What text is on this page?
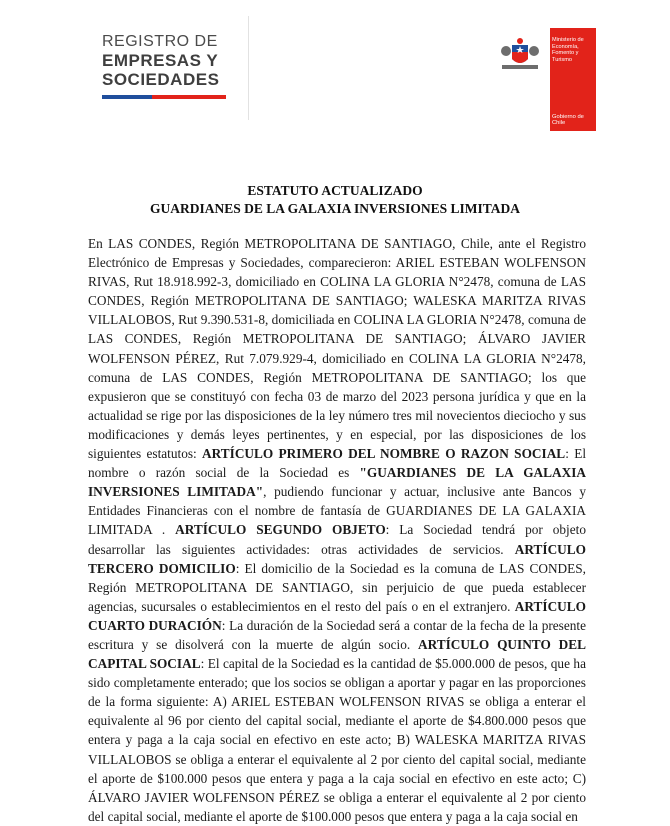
REGISTRO DE
EMPRESAS Y
SOCIEDADES
Ministerio de Economía, Fomento y Turismo
Gobierno de Chile
ESTATUTO ACTUALIZADO
GUARDIANES DE LA GALAXIA INVERSIONES LIMITADA
En LAS CONDES, Región METROPOLITANA DE SANTIAGO, Chile, ante el Registro Electrónico de Empresas y Sociedades, comparecieron: ARIEL ESTEBAN WOLFENSON RIVAS, Rut 18.918.992-3, domiciliado en COLINA LA GLORIA N°2478, comuna de LAS CONDES, Región METROPOLITANA DE SANTIAGO; WALESKA MARITZA RIVAS VILLALOBOS, Rut 9.390.531-8, domiciliada en COLINA LA GLORIA N°2478, comuna de LAS CONDES, Región METROPOLITANA DE SANTIAGO; ÁLVARO JAVIER WOLFENSON PÉREZ, Rut 7.079.929-4, domiciliado en COLINA LA GLORIA N°2478, comuna de LAS CONDES, Región METROPOLITANA DE SANTIAGO; los que expusieron que se constituyó con fecha 03 de marzo del 2023 persona jurídica y que en la actualidad se rige por las disposiciones de la ley número tres mil novecientos dieciocho y sus modificaciones y demás leyes pertinentes, y en especial, por las disposiciones de los siguientes estatutos: ARTÍCULO PRIMERO DEL NOMBRE O RAZON SOCIAL: El nombre o razón social de la Sociedad es "GUARDIANES DE LA GALAXIA INVERSIONES LIMITADA", pudiendo funcionar y actuar, inclusive ante Bancos y Entidades Financieras con el nombre de fantasía de GUARDIANES DE LA GALAXIA LIMITADA . ARTÍCULO SEGUNDO OBJETO: La Sociedad tendrá por objeto desarrollar las siguientes actividades: otras actividades de servicios. ARTÍCULO TERCERO DOMICILIO: El domicilio de la Sociedad es la comuna de LAS CONDES, Región METROPOLITANA DE SANTIAGO, sin perjuicio de que pueda establecer agencias, sucursales o establecimientos en el resto del país o en el extranjero. ARTÍCULO CUARTO DURACIÓN: La duración de la Sociedad será a contar de la fecha de la presente escritura y se disolverá con la muerte de algún socio. ARTÍCULO QUINTO DEL CAPITAL SOCIAL: El capital de la Sociedad es la cantidad de $5.000.000 de pesos, que ha sido completamente enterado; que los socios se obligan a aportar y pagar en las proporciones de la forma siguiente: A) ARIEL ESTEBAN WOLFENSON RIVAS se obliga a enterar el equivalente al 96 por ciento del capital social, mediante el aporte de $4.800.000 pesos que entera y paga a la caja social en efectivo en este acto; B) WALESKA MARITZA RIVAS VILLALOBOS se obliga a enterar el equivalente al 2 por ciento del capital social, mediante el aporte de $100.000 pesos que entera y paga a la caja social en efectivo en este acto; C) ÁLVARO JAVIER WOLFENSON PÉREZ se obliga a enterar el equivalente al 2 por ciento del capital social, mediante el aporte de $100.000 pesos que entera y paga a la caja social en
